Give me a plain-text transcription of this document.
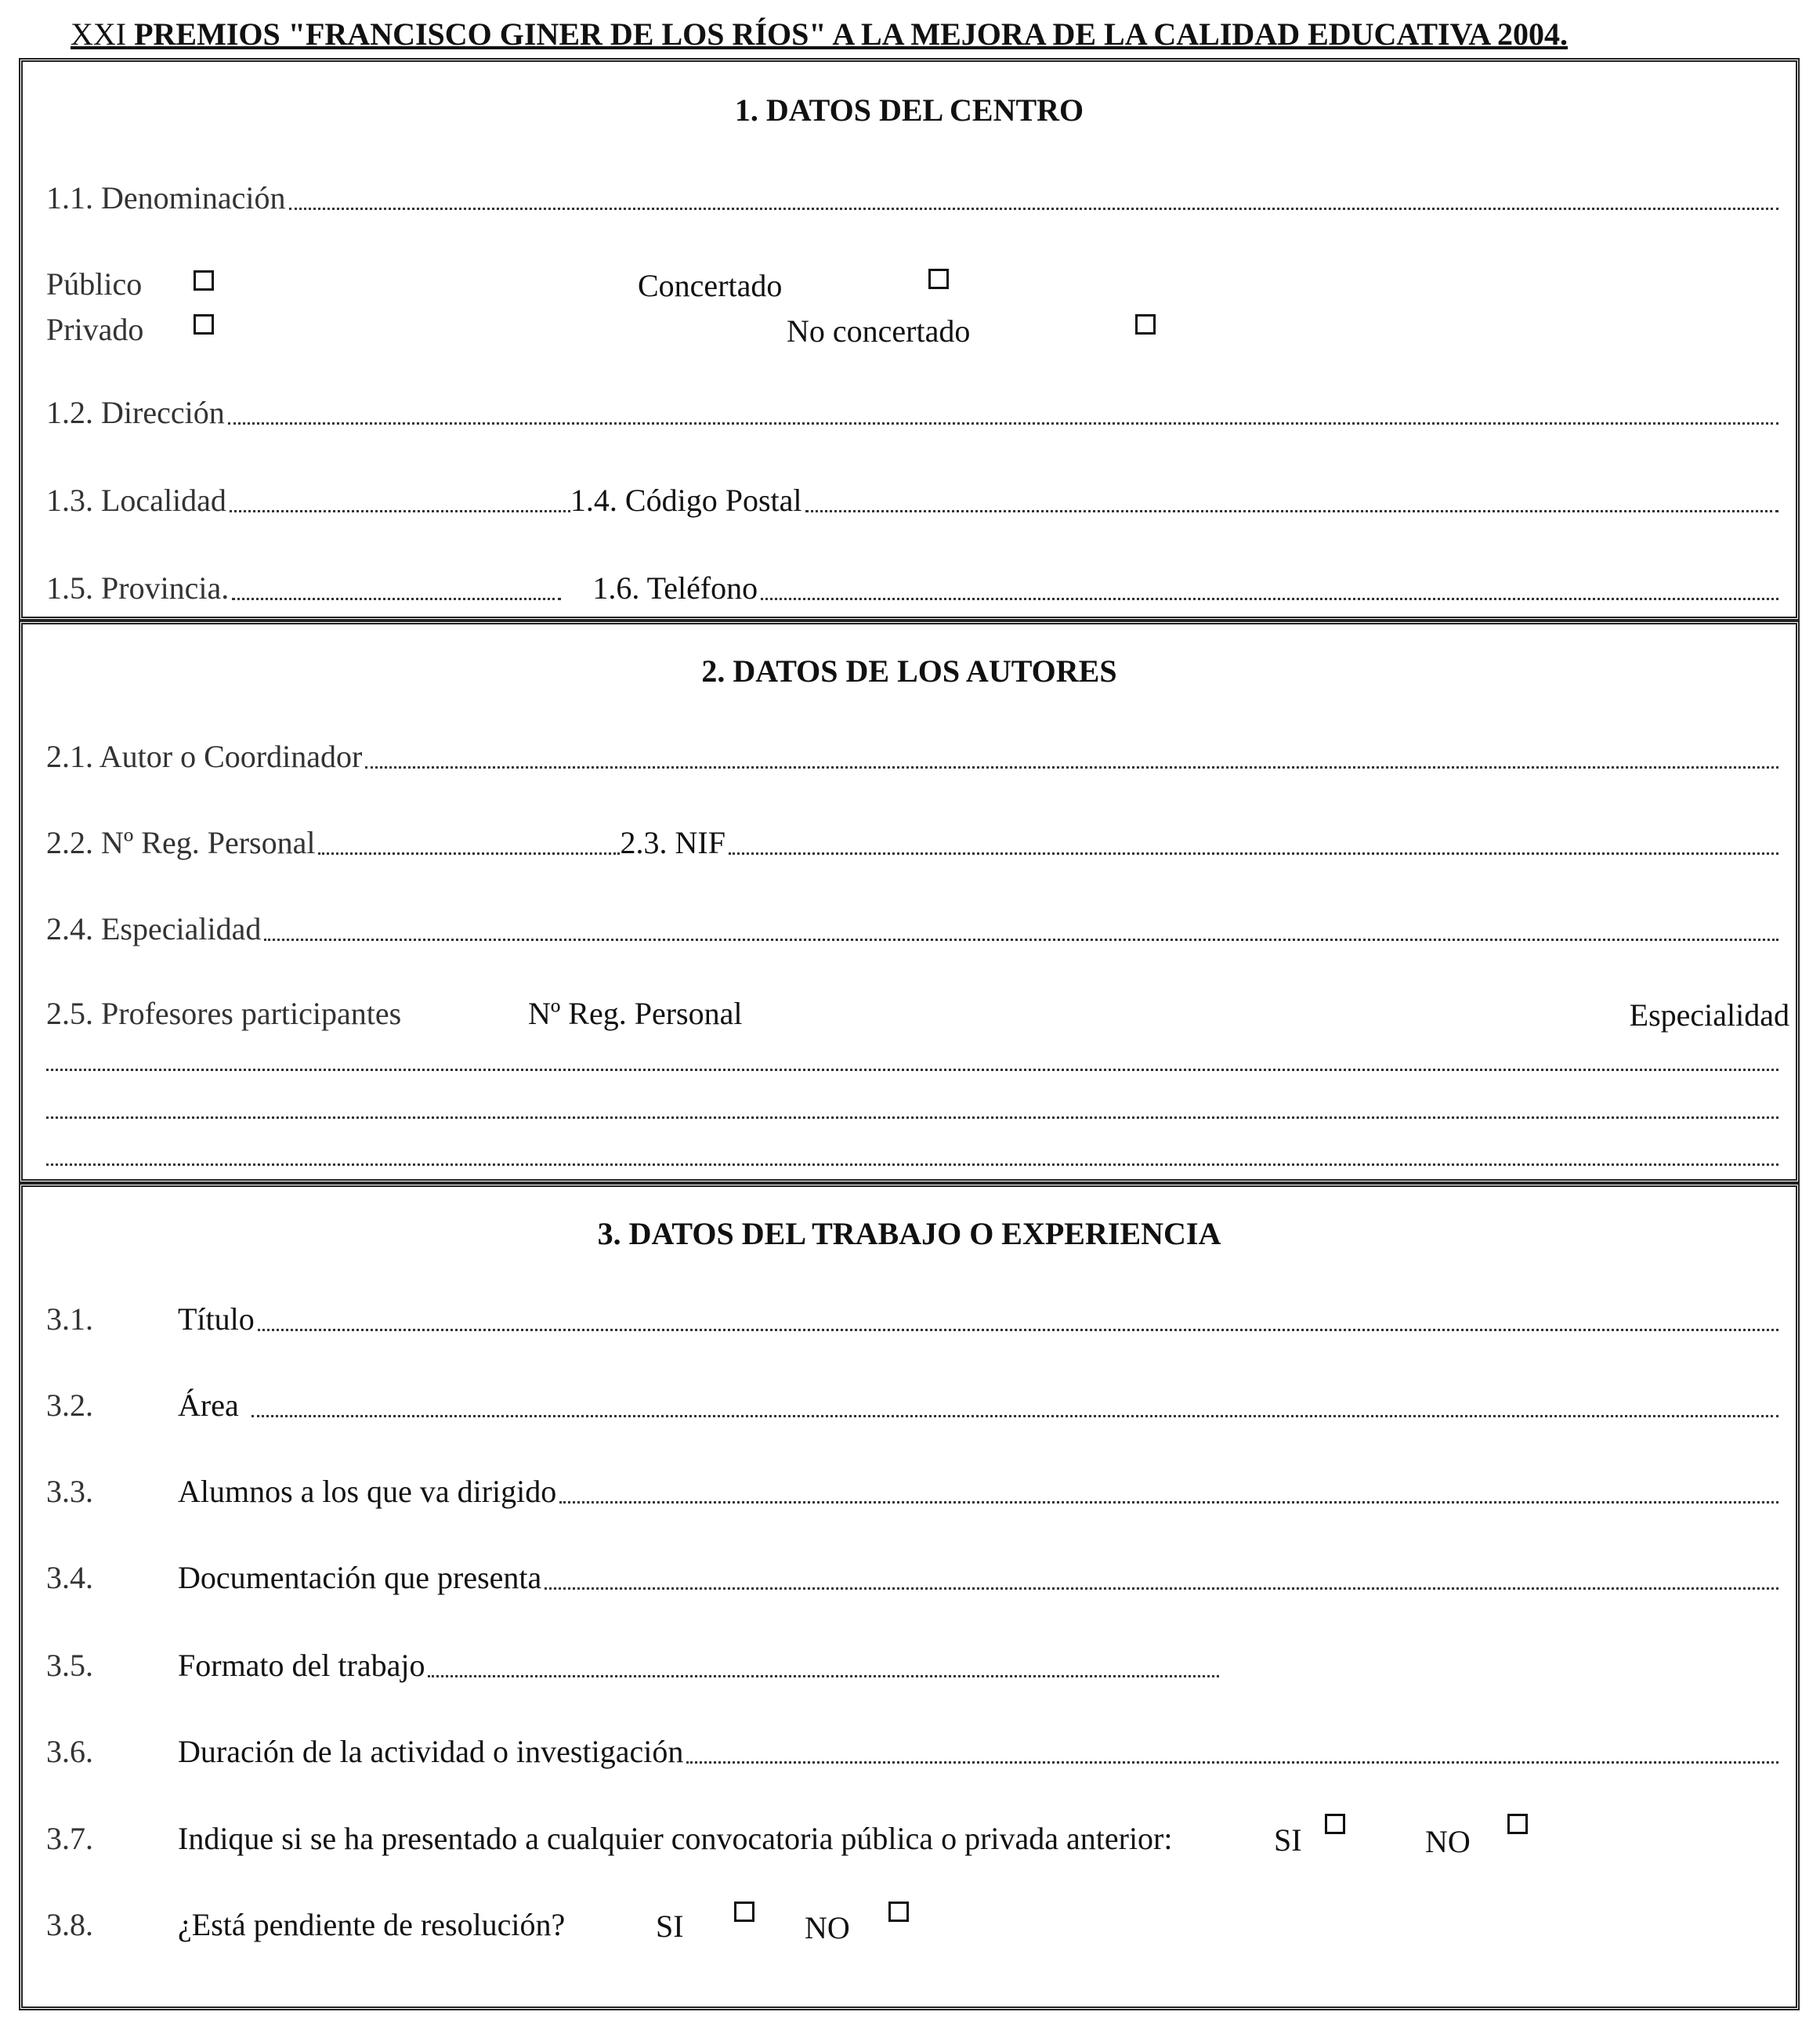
XXI PREMIOS "FRANCISCO GINER DE LOS RÍOS" A LA MEJORA DE LA CALIDAD EDUCATIVA 2004.
1. DATOS DEL CENTRO
1.1. Denominación
Público	Concertado
Privado	No concertado
1.2. Dirección
1.3. Localidad	1.4. Código Postal
1.5. Provincia.	1.6. Teléfono
2. DATOS DE LOS AUTORES
2.1. Autor o Coordinador
2.2. Nº Reg. Personal	2.3. NIF
2.4. Especialidad
2.5. Profesores participantes	Nº Reg. Personal	Especialidad
3. DATOS DEL TRABAJO O EXPERIENCIA
3.1.	Título
3.2.	Área
3.3.	Alumnos a los que va dirigido
3.4.	Documentación que presenta
3.5.	Formato del trabajo
3.6.	Duración de la actividad o investigación
3.7.	Indique si se ha presentado a cualquier convocatoria pública o privada anterior:	SI	NO
3.8.	¿Está pendiente de resolución?	SI	NO
